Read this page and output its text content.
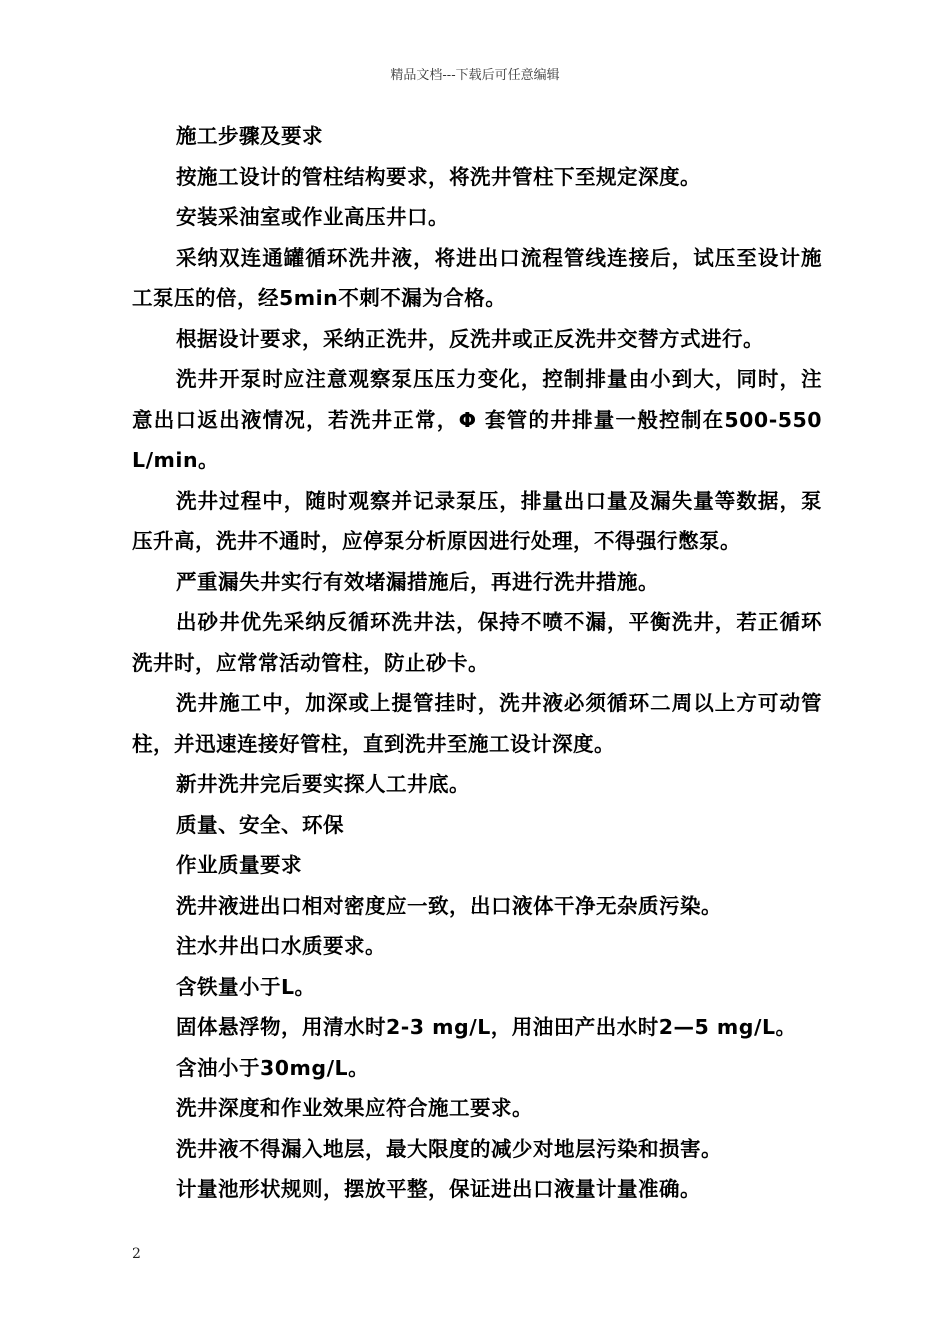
精品文档---下载后可任意编辑

施工步骤及要求

按施工设计的管柱结构要求，将洗井管柱下至规定深度。

安装采油室或作业高压井口。

采纳双连通罐循环洗井液，将进出口流程管线连接后，试压至设计施工泵压的倍，经5min不刺不漏为合格。

根据设计要求，采纳正洗井，反洗井或正反洗井交替方式进行。

洗井开泵时应注意观察泵压压力变化，控制排量由小到大，同时，注意出口返出液情况，若洗井正常，Φ 套管的井排量一般控制在500-550L/min。

洗井过程中，随时观察并记录泵压，排量出口量及漏失量等数据，泵压升高，洗井不通时，应停泵分析原因进行处理，不得强行憋泵。

严重漏失井实行有效堵漏措施后，再进行洗井措施。

出砂井优先采纳反循环洗井法，保持不喷不漏，平衡洗井，若正循环洗井时，应常常活动管柱，防止砂卡。

洗井施工中，加深或上提管挂时，洗井液必须循环二周以上方可动管柱，并迅速连接好管柱，直到洗井至施工设计深度。

新井洗井完后要实探人工井底。

质量、安全、环保

作业质量要求

洗井液进出口相对密度应一致，出口液体干净无杂质污染。

注水井出口水质要求。

含铁量小于L。

固体悬浮物，用清水时2-3 mg/L，用油田产出水时2—5 mg/L。

含油小于30mg/L。

洗井深度和作业效果应符合施工要求。

洗井液不得漏入地层，最大限度的减少对地层污染和损害。

计量池形状规则，摆放平整，保证进出口液量计量准确。

2
